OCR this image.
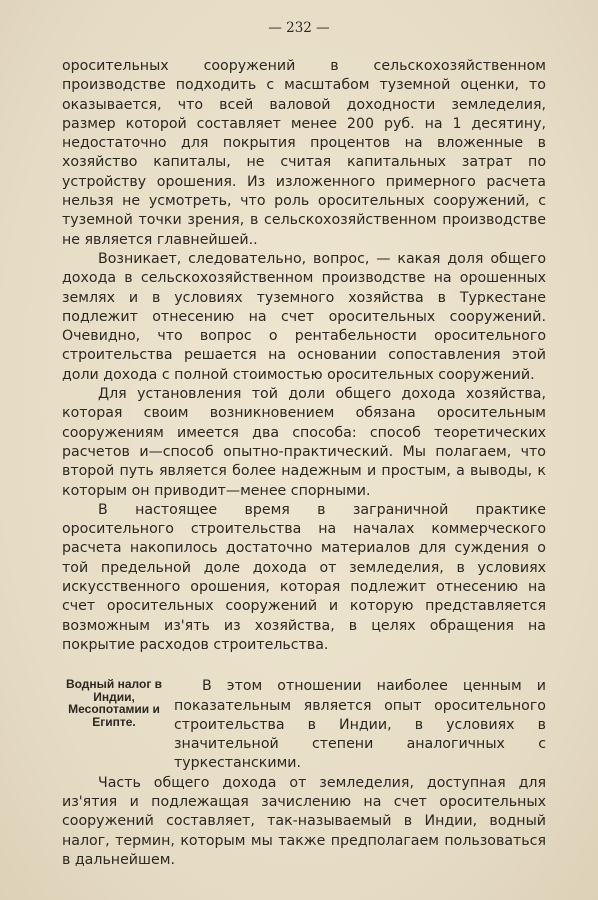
— 232 —

оросительных сооружений в сельскохозяйственном производстве подходить с масштабом туземной оценки, то оказывается, что всей валовой доходности земледелия, размер которой составляет менее 200 руб. на 1 десятину, недостаточно для покрытия процентов на вложенные в хозяйство капиталы, не считая капитальных затрат по устройству орошения. Из изложенного примерного расчета нельзя не усмотреть, что роль оросительных сооружений, с туземной точки зрения, в сельскохозяйственном производстве не является главнейшей..

Возникает, следовательно, вопрос, — какая доля общего дохода в сельскохозяйственном производстве на орошенных землях и в условиях туземного хозяйства в Туркестане подлежит отнесению на счет оросительных сооружений. Очевидно, что вопрос о рентабельности оросительного строительства решается на основании сопоставления этой доли дохода с полной стоимостью оросительных сооружений.

Для установления той доли общего дохода хозяйства, которая своим возникновением обязана оросительным сооружениям имеется два способа: способ теоретических расчетов и—способ опытно-практический. Мы полагаем, что второй путь является более надежным и простым, а выводы, к которым он приводит—менее спорными.

В настоящее время в заграничной практике оросительного строительства на началах коммерческого расчета накопилось достаточно материалов для суждения о той предельной доле дохода от земледелия, в условиях искусственного орошения, которая подлежит отнесению на счет оросительных сооружений и которую представляется возможным из'ять из хозяйства, в целях обращения на покрытие расходов строительства.

Водный налог в Индии, Месопотамии и Египте.

В этом отношении наиболее ценным и показательным является опыт оросительного строительства в Индии, в условиях в значительной степени аналогичных с туркестанскими.

Часть общего дохода от земледелия, доступная для из'ятия и подлежащая зачислению на счет оросительных сооружений составляет, так-называемый в Индии, водный налог, термин, которым мы также предполагаем пользоваться в дальнейшем.
